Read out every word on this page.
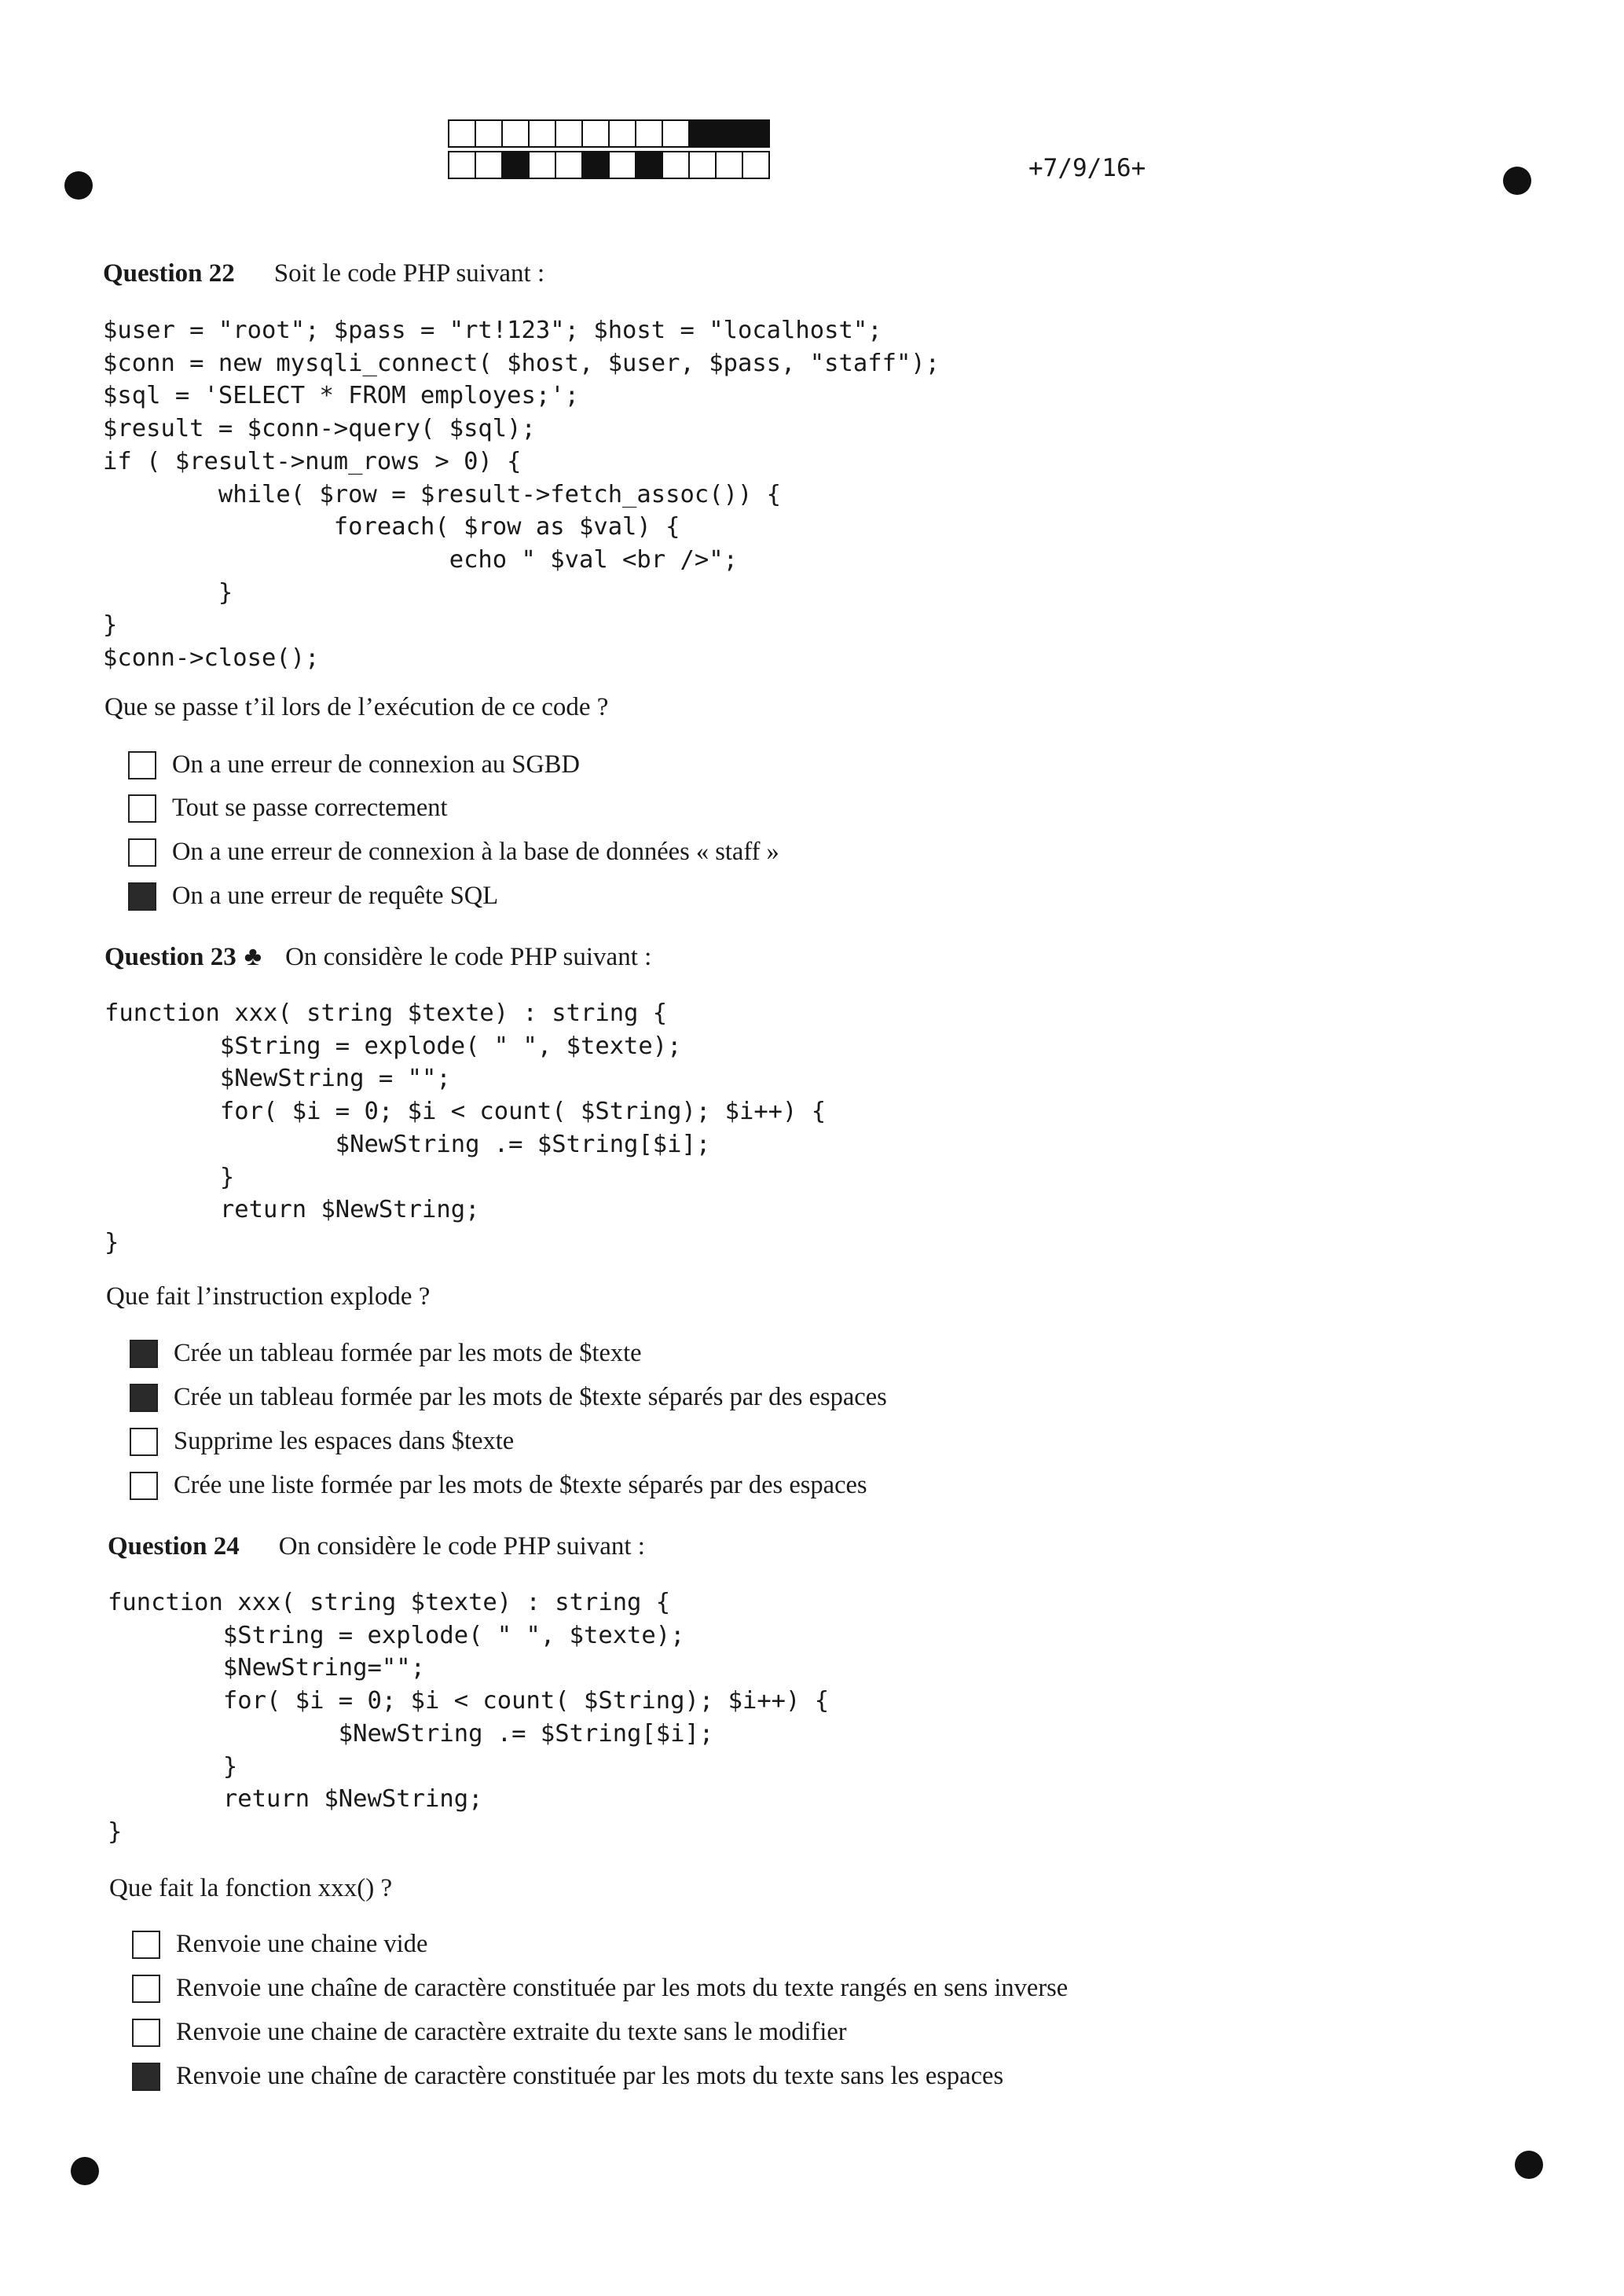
+7/9/16+
Question 22 Soit le code PHP suivant :
$user = "root"; $pass = "rt!123"; $host = "localhost";
$conn = new mysqli_connect( $host, $user, $pass, "staff");
$sql = 'SELECT * FROM employes;';
$result = $conn->query( $sql);
if ( $result->num_rows > 0) {
while( $row = $result->fetch_assoc()) {
foreach( $row as $val) {
echo " $val <br />";
}
}
$conn->close();
Que se passe t’il lors de l’exécution de ce code ?
On a une erreur de connexion au SGBD
Tout se passe correctement
On a une erreur de connexion à la base de données « staff »
On a une erreur de requête SQL
Question 23 ♣ On considère le code PHP suivant :
function xxx( string $texte) : string {
$String = explode( " ", $texte);
$NewString = "";
for( $i = 0; $i < count( $String); $i++) {
$NewString .= $String[$i];
}
return $NewString;
}
Que fait l’instruction explode ?
Crée un tableau formée par les mots de $texte
Crée un tableau formée par les mots de $texte séparés par des espaces
Supprime les espaces dans $texte
Crée une liste formée par les mots de $texte séparés par des espaces
Question 24 On considère le code PHP suivant :
function xxx( string $texte) : string {
$String = explode( " ", $texte);
$NewString="";
for( $i = 0; $i < count( $String); $i++) {
$NewString .= $String[$i];
}
return $NewString;
}
Que fait la fonction xxx() ?
Renvoie une chaine vide
Renvoie une chaîne de caractère constituée par les mots du texte rangés en sens inverse
Renvoie une chaine de caractère extraite du texte sans le modifier
Renvoie une chaîne de caractère constituée par les mots du texte sans les espaces
